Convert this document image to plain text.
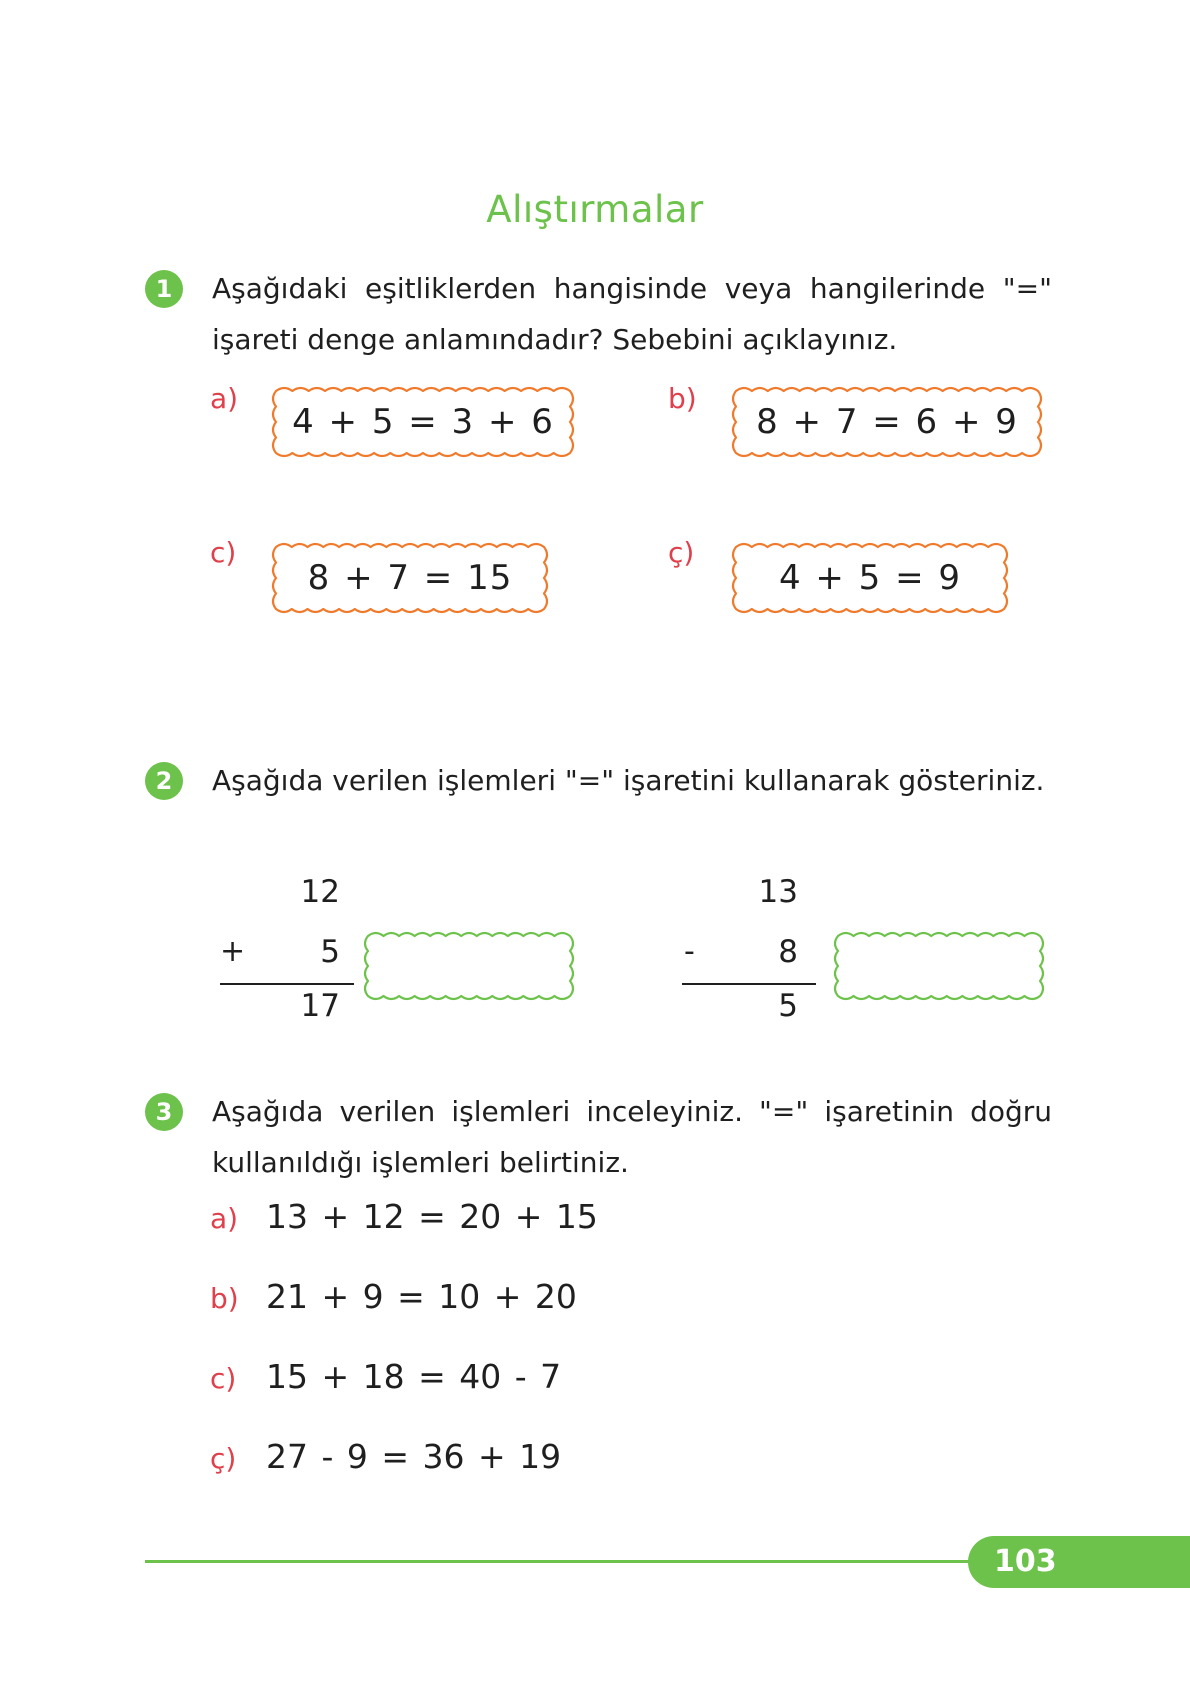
Alıştırmalar
1	Aşağıdaki eşitliklerden hangisinde veya hangilerinde "=" işareti denge anlamındadır? Sebebini açıklayınız.
a)
4 + 5 = 3 + 6
b)
8 + 7 = 6 + 9
c)
8 + 7 = 15
ç)
4 + 5 = 9
2	Aşağıda verilen işlemleri "=" işaretini kullanarak gösteriniz.
12
+	5
17
13
-	8
5
3	Aşağıda verilen işlemleri inceleyiniz. "=" işaretinin doğru kullanıldığı işlemleri belirtiniz.
a) 13 + 12 = 20 + 15
b) 21 + 9 = 10 + 20
c) 15 + 18 = 40 - 7
ç) 27 - 9 = 36 + 19
103
